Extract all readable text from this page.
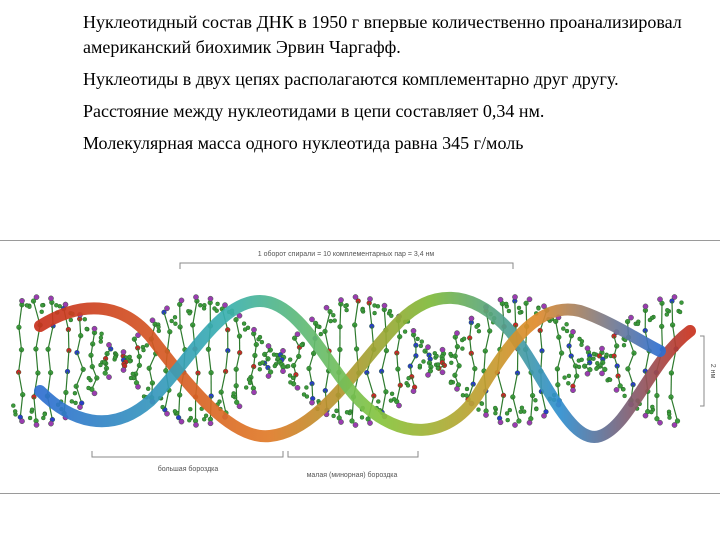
Нуклеотидный состав ДНК в 1950 г впервые количественно проанализировал американский биохимик Эрвин Чаргафф.

Нуклеотиды в двух цепях располагаются комплементарно друг другу.

Расстояние между нуклеотидами в цепи составляет 0,34 нм.

Молекулярная масса одного нуклеотида равна 345 г/моль

1 оборот спирали = 10 комплементарных пар = 3,4 нм
большая бороздка
малая (минорная) бороздка
2 нм
